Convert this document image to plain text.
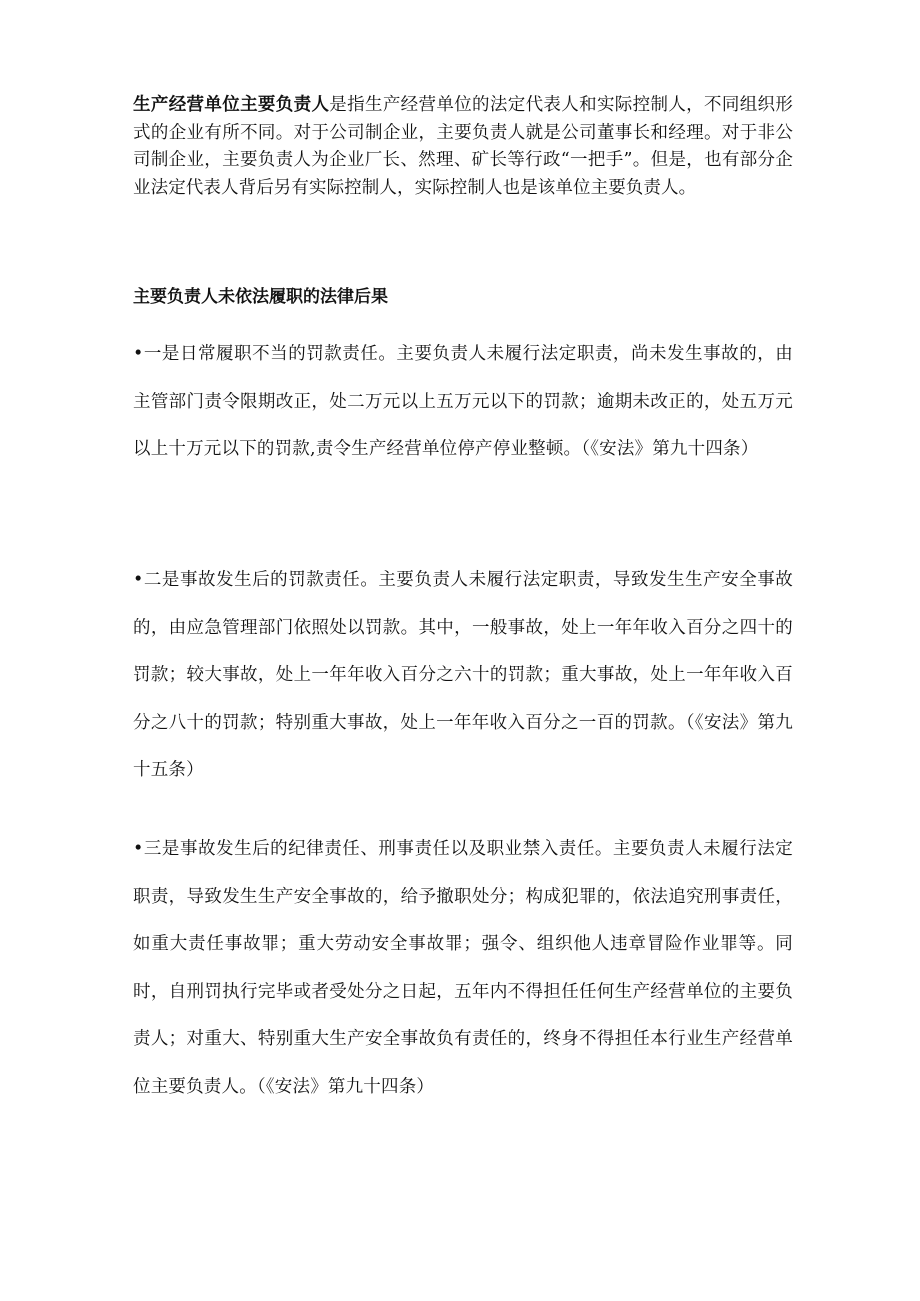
生产经营单位主要负责人是指生产经营单位的法定代表人和实际控制人，不同组织形式的企业有所不同。对于公司制企业，主要负责人就是公司董事长和经理。对于非公司制企业，主要负责人为企业厂长、然理、矿长等行政“一把手”。但是，也有部分企业法定代表人背后另有实际控制人，实际控制人也是该单位主要负责人。

主要负责人未依法履职的法律后果

•一是日常履职不当的罚款责任。主要负责人未履行法定职责，尚未发生事故的，由主管部门责令限期改正，处二万元以上五万元以下的罚款；逾期未改正的，处五万元以上十万元以下的罚款,责令生产经营单位停产停业整顿。（《安法》第九十四条）

•二是事故发生后的罚款责任。主要负责人未履行法定职责，导致发生生产安全事故的，由应急管理部门依照处以罚款。其中，一般事故，处上一年年收入百分之四十的罚款；较大事故，处上一年年收入百分之六十的罚款；重大事故，处上一年年收入百分之八十的罚款；特别重大事故，处上一年年收入百分之一百的罚款。（《安法》第九十五条）

•三是事故发生后的纪律责任、刑事责任以及职业禁入责任。主要负责人未履行法定职责，导致发生生产安全事故的，给予撤职处分；构成犯罪的，依法追究刑事责任，如重大责任事故罪；重大劳动安全事故罪；强令、组织他人违章冒险作业罪等。同时，自刑罚执行完毕或者受处分之日起，五年内不得担任任何生产经营单位的主要负责人；对重大、特别重大生产安全事故负有责任的，终身不得担任本行业生产经营单位主要负责人。（《安法》第九十四条）
